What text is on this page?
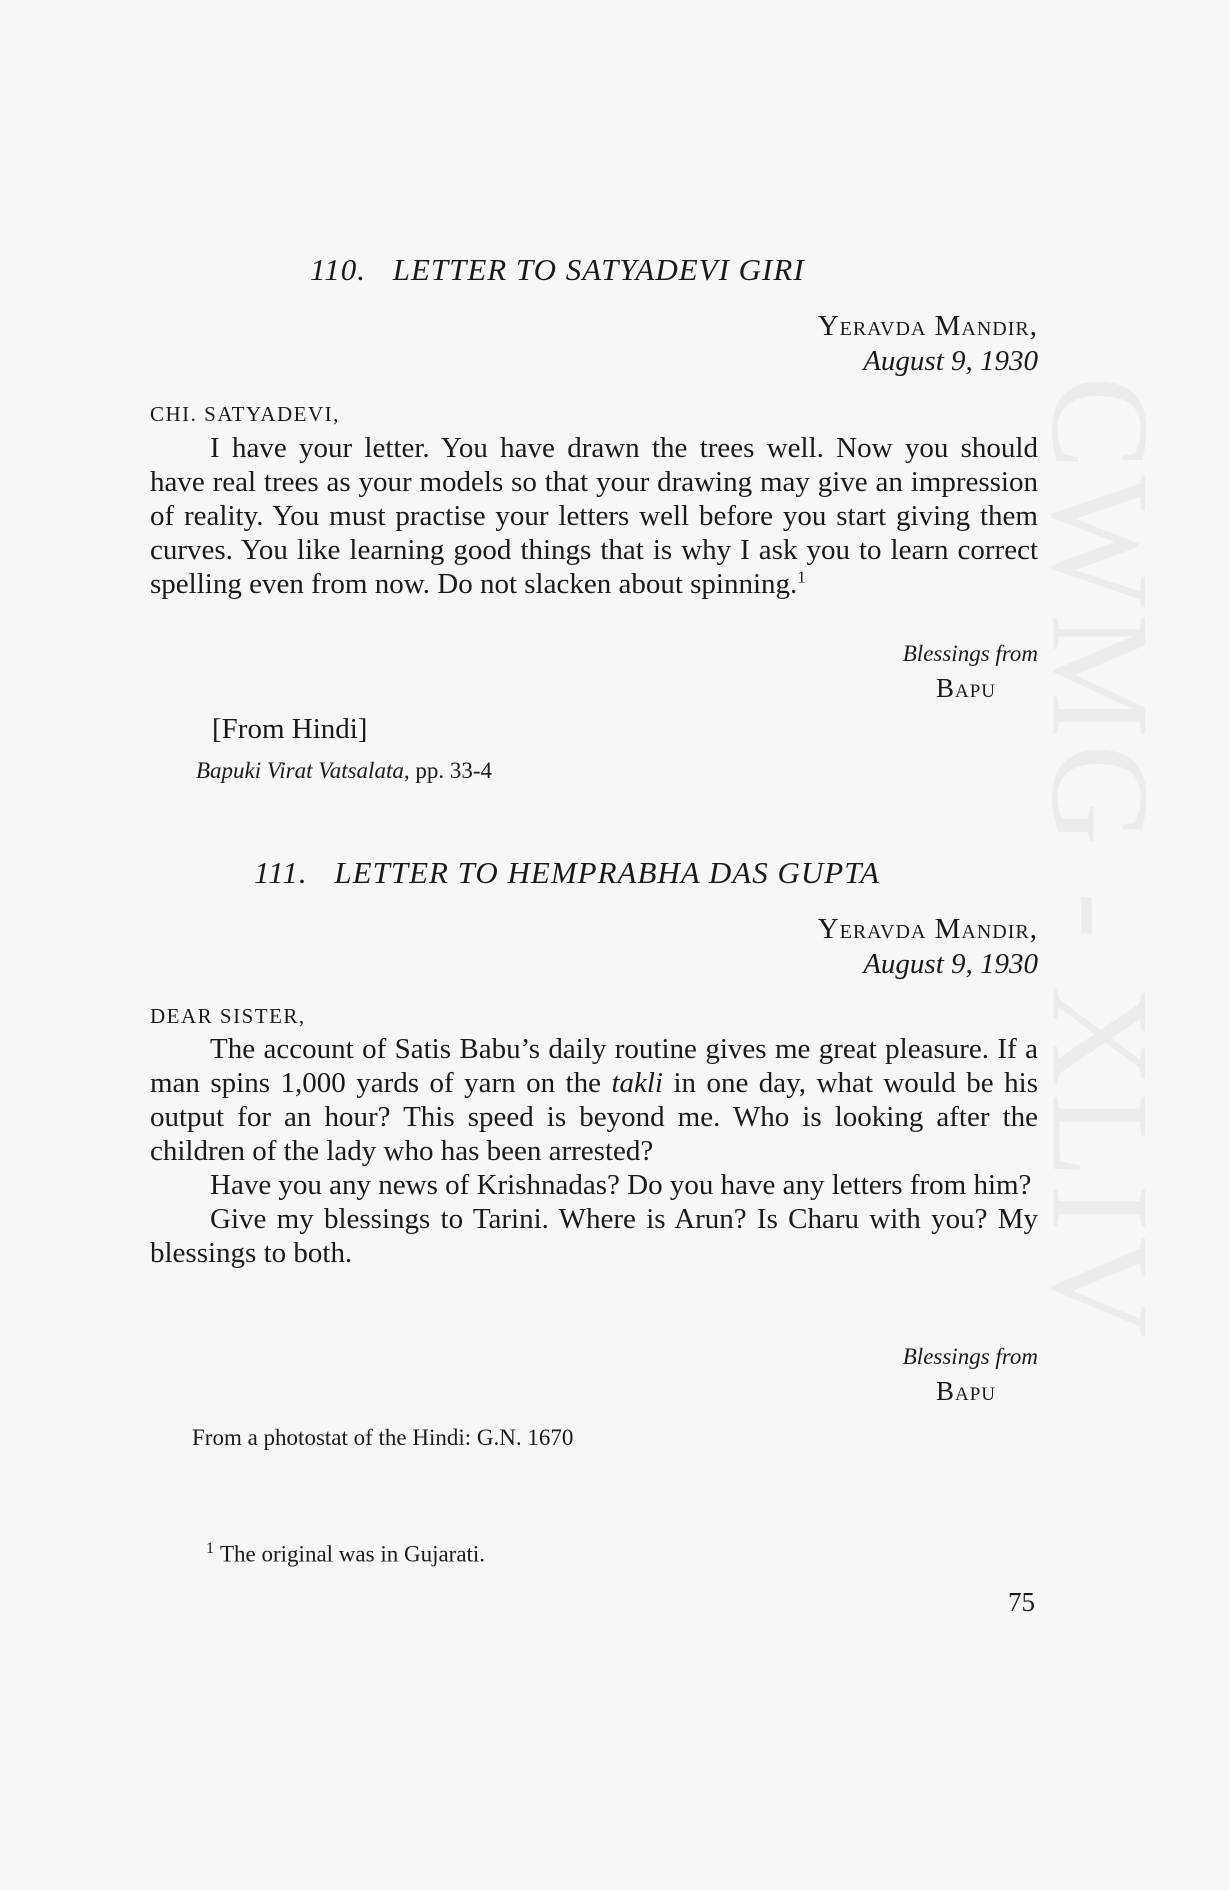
CWMG - XLIV
110. LETTER TO SATYADEVI GIRI
Yeravda Mandir,
August 9, 1930
CHI. SATYADEVI,

I have your letter. You have drawn the trees well. Now you should have real trees as your models so that your drawing may give an impression of reality. You must practise your letters well before you start giving them curves. You like learning good things that is why I ask you to learn correct spelling even from now. Do not slacken about spinning.$^1$

Blessings from
Bapu
[From Hindi]
Bapuki Virat Vatsalata, pp. 33-4
111. LETTER TO HEMPRABHA DAS GUPTA
Yeravda Mandir,
August 9, 1930
DEAR SISTER,

The account of Satis Babu’s daily routine gives me great pleasure. If a man spins 1,000 yards of yarn on the takli in one day, what would be his output for an hour? This speed is beyond me. Who is looking after the children of the lady who has been arrested?

Have you any news of Krishnadas? Do you have any letters from him?

Give my blessings to Tarini. Where is Arun? Is Charu with you? My blessings to both.

Blessings from
Bapu
From a photostat of the Hindi: G.N. 1670
$^1$ The original was in Gujarati.
75
